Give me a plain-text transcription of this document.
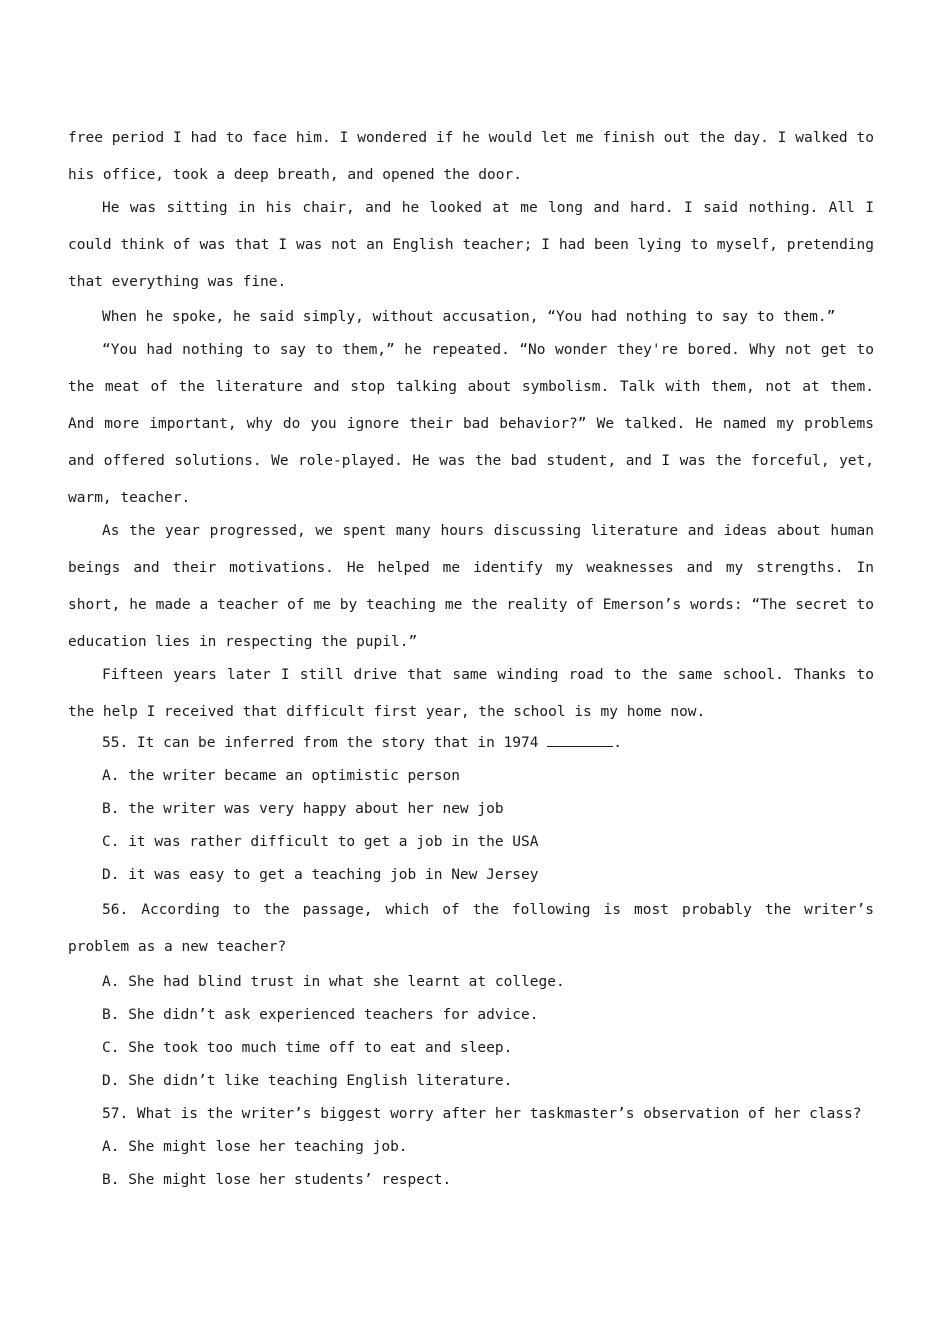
free period I had to face him. I wondered if he would let me finish out the day. I walked to his office, took a deep breath, and opened the door.

He was sitting in his chair, and he looked at me long and hard. I said nothing. All I could think of was that I was not an English teacher; I had been lying to myself, pretending that everything was fine.

When he spoke, he said simply, without accusation, “You had nothing to say to them.”

“You had nothing to say to them,” he repeated. “No wonder they're bored. Why not get to the meat of the literature and stop talking about symbolism. Talk with them, not at them. And more important, why do you ignore their bad behavior?” We talked. He named my problems and offered solutions. We role-played. He was the bad student, and I was the forceful, yet, warm, teacher.

As the year progressed, we spent many hours discussing literature and ideas about human beings and their motivations. He helped me identify my weaknesses and my strengths. In short, he made a teacher of me by teaching me the reality of Emerson’s words: “The secret to education lies in respecting the pupil.”

Fifteen years later I still drive that same winding road to the same school. Thanks to the help I received that difficult first year, the school is my home now.

55. It can be inferred from the story that in 1974	.

A. the writer became an optimistic person

B. the writer was very happy about her new job

C. it was rather difficult to get a job in the USA

D. it was easy to get a teaching job in New Jersey

56. According to the passage, which of the following is most probably the writer’s problem as a new teacher?

A. She had blind trust in what she learnt at college.

B. She didn’t ask experienced teachers for advice.

C. She took too much time off to eat and sleep.

D. She didn’t like teaching English literature.

57. What is the writer’s biggest worry after her taskmaster’s observation of her class?

A. She might lose her teaching job.

B. She might lose her students’ respect.
